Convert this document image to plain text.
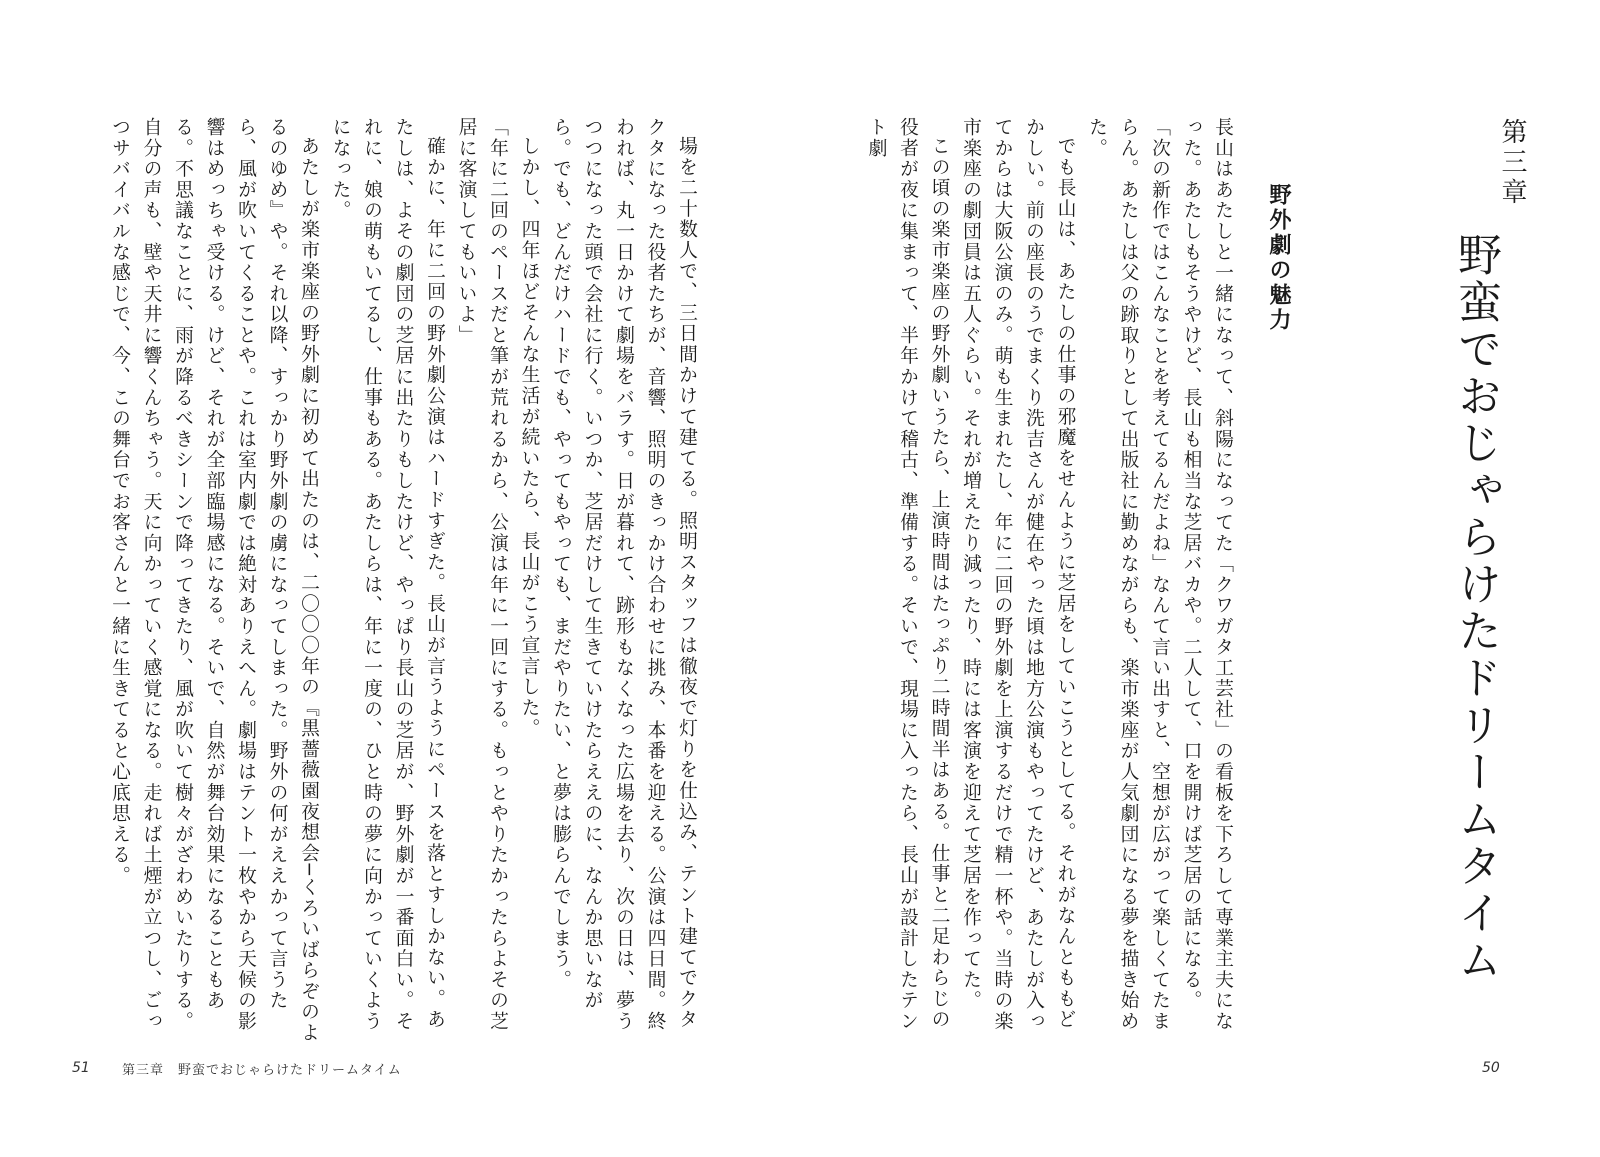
場を二十数人で、三日間かけて建てる。照明スタッフは徹夜で灯りを仕込み、テント建てでクタクタになった役者たちが、音響、照明のきっかけ合わせに挑み、本番を迎える。公演は四日間。終われば、丸一日かけて劇場をバラす。日が暮れて、跡形もなくなった広場を去り、次の日は、夢うつつになった頭で会社に行く。いつか、芝居だけして生きていけたらええのに、なんか思いながら。でも、どんだけハードでも、やってもやっても、まだやりたい、と夢は膨らんでしまう。

しかし、四年ほどそんな生活が続いたら、長山がこう宣言した。

「年に二回のペースだと筆が荒れるから、公演は年に一回にする。もっとやりたかったらよその芝居に客演してもいいよ」

確かに、年に二回の野外劇公演はハードすぎた。長山が言うようにペースを落とすしかない。あたしは、よその劇団の芝居に出たりもしたけど、やっぱり長山の芝居が、野外劇が一番面白い。それに、娘の萌もいてるし、仕事もある。あたしらは、年に一度の、ひと時の夢に向かっていくようになった。

あたしが楽市楽座の野外劇に初めて出たのは、二〇〇〇年の『黒薔薇園夜想会─くろいばらぞのよるのゆめ』や。それ以降、すっかり野外劇の虜になってしまった。野外の何がええかって言うたら、風が吹いてくることや。これは室内劇では絶対ありえへん。劇場はテント一枚やから天候の影響はめっちゃ受ける。けど、それが全部臨場感になる。そいで、自然が舞台効果になることもある。不思議なことに、雨が降るべきシーンで降ってきたり、風が吹いて樹々がざわめいたりする。自分の声も、壁や天井に響くんちゃう。天に向かっていく感覚になる。走れば土煙が立つし、ごっつサバイバルな感じで、今、この舞台でお客さんと一緒に生きてると心底思える。

51 第三章　野蛮でおじゃらけたドリームタイム
第三章
野蛮でおじゃらけたドリームタイム
野外劇の魅力

長山はあたしと一緒になって、斜陽になってた「クワガタ工芸社」の看板を下ろして専業主夫になった。あたしもそうやけど、長山も相当な芝居バカや。二人して、口を開けば芝居の話になる。

「次の新作ではこんなことを考えてるんだよね」なんて言い出すと、空想が広がって楽しくてたまらん。あたしは父の跡取りとして出版社に勤めながらも、楽市楽座が人気劇団になる夢を描き始めた。

でも長山は、あたしの仕事の邪魔をせんように芝居をしていこうとしてる。それがなんとももどかしい。前の座長のうでまくり洗吉さんが健在やった頃は地方公演もやってたけど、あたしが入ってからは大阪公演のみ。萌も生まれたし、年に二回の野外劇を上演するだけで精一杯や。当時の楽市楽座の劇団員は五人ぐらい。それが増えたり減ったり、時には客演を迎えて芝居を作ってた。

この頃の楽市楽座の野外劇いうたら、上演時間はたっぷり二時間半はある。仕事と二足わらじの役者が夜に集まって、半年かけて稽古、準備する。そいで、現場に入ったら、長山が設計したテント劇

50
